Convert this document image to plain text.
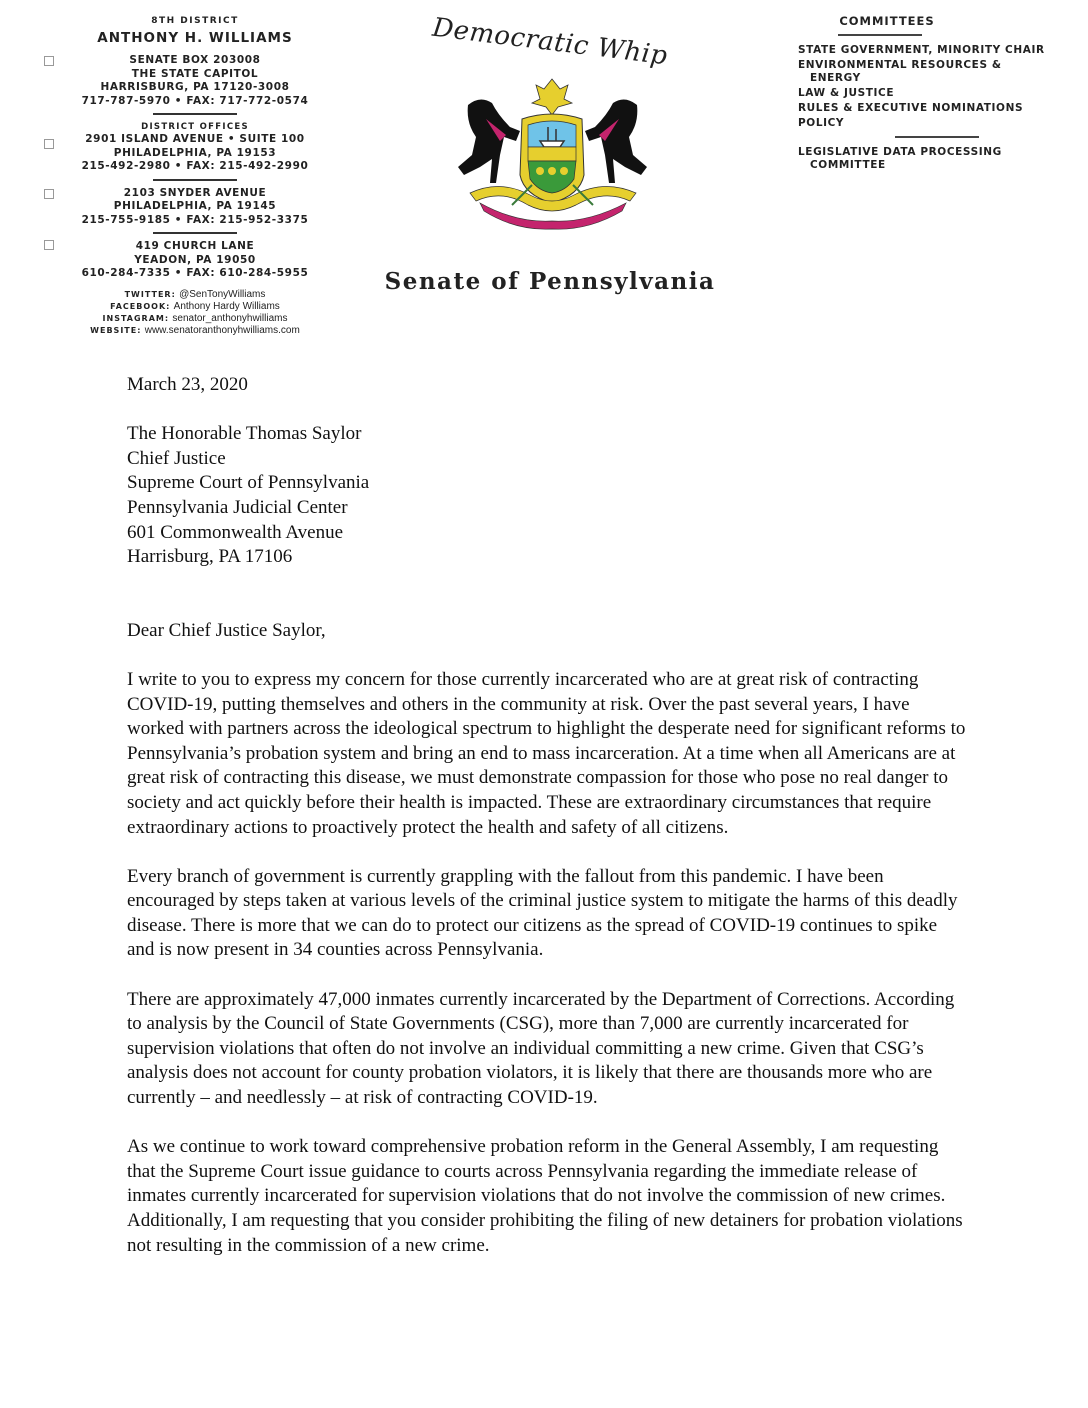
8TH DISTRICT
ANTHONY H. WILLIAMS
SENATE BOX 203008
THE STATE CAPITOL
HARRISBURG, PA 17120-3008
717-787-5970 • FAX: 717-772-0574
DISTRICT OFFICES
2901 ISLAND AVENUE • SUITE 100
PHILADELPHIA, PA 19153
215-492-2980 • FAX: 215-492-2990
2103 SNYDER AVENUE
PHILADELPHIA, PA 19145
215-755-9185 • FAX: 215-952-3375
419 CHURCH LANE
YEADON, PA 19050
610-284-7335 • FAX: 610-284-5955
TWITTER: @SenTonyWilliams
FACEBOOK: Anthony Hardy Williams
INSTAGRAM: senator_anthonyhwilliams
WEBSITE: www.senatoranthonyhwilliams.com
Democratic Whip
Senate of Pennsylvania
COMMITTEES
STATE GOVERNMENT, MINORITY CHAIR
ENVIRONMENTAL RESOURCES &
ENERGY
LAW & JUSTICE
RULES & EXECUTIVE NOMINATIONS
POLICY
LEGISLATIVE DATA PROCESSING
COMMITTEE

March 23, 2020

The Honorable Thomas Saylor

Chief Justice

Supreme Court of Pennsylvania

Pennsylvania Judicial Center

601 Commonwealth Avenue

Harrisburg, PA 17106

Dear Chief Justice Saylor,

I write to you to express my concern for those currently incarcerated who are at great risk of contracting COVID-19, putting themselves and others in the community at risk. Over the past several years, I have worked with partners across the ideological spectrum to highlight the desperate need for significant reforms to Pennsylvania’s probation system and bring an end to mass incarceration. At a time when all Americans are at great risk of contracting this disease, we must demonstrate compassion for those who pose no real danger to society and act quickly before their health is impacted. These are extraordinary circumstances that require extraordinary actions to proactively protect the health and safety of all citizens.

Every branch of government is currently grappling with the fallout from this pandemic. I have been encouraged by steps taken at various levels of the criminal justice system to mitigate the harms of this deadly disease. There is more that we can do to protect our citizens as the spread of COVID-19 continues to spike and is now present in 34 counties across Pennsylvania.

There are approximately 47,000 inmates currently incarcerated by the Department of Corrections. According to analysis by the Council of State Governments (CSG), more than 7,000 are currently incarcerated for supervision violations that often do not involve an individual committing a new crime. Given that CSG’s analysis does not account for county probation violators, it is likely that there are thousands more who are currently – and needlessly – at risk of contracting COVID-19.

As we continue to work toward comprehensive probation reform in the General Assembly, I am requesting that the Supreme Court issue guidance to courts across Pennsylvania regarding the immediate release of inmates currently incarcerated for supervision violations that do not involve the commission of new crimes. Additionally, I am requesting that you consider prohibiting the filing of new detainers for probation violations not resulting in the commission of a new crime.
